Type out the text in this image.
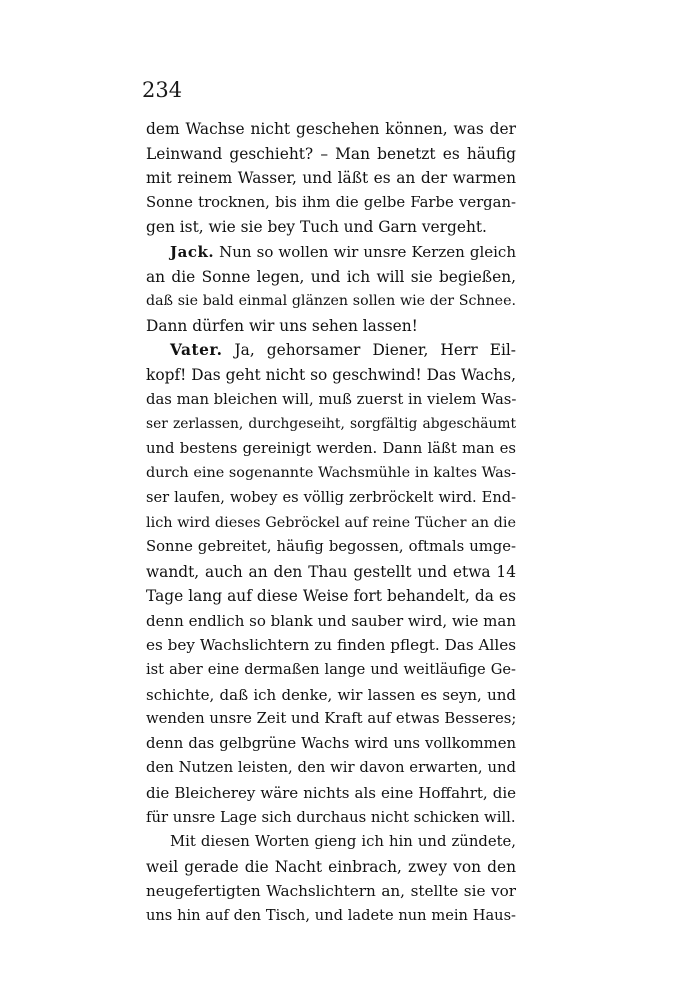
234
dem Wachse nicht geschehen können, was der
Leinwand geschieht? – Man benetzt es häufig
mit reinem Wasser, und läßt es an der warmen
Sonne trocknen, bis ihm die gelbe Farbe vergan-
gen ist, wie sie bey Tuch und Garn vergeht.
Jack. Nun so wollen wir unsre Kerzen gleich
an die Sonne legen, und ich will sie begießen,
daß sie bald einmal glänzen sollen wie der Schnee.
Dann dürfen wir uns sehen lassen!
Vater. Ja, gehorsamer Diener, Herr Eil-
kopf! Das geht nicht so geschwind! Das Wachs,
das man bleichen will, muß zuerst in vielem Was-
ser zerlassen, durchgeseiht, sorgfältig abgeschäumt
und bestens gereinigt werden. Dann läßt man es
durch eine sogenannte Wachsmühle in kaltes Was-
ser laufen, wobey es völlig zerbröckelt wird. End-
lich wird dieses Gebröckel auf reine Tücher an die
Sonne gebreitet, häufig begossen, oftmals umge-
wandt, auch an den Thau gestellt und etwa 14
Tage lang auf diese Weise fort behandelt, da es
denn endlich so blank und sauber wird, wie man
es bey Wachslichtern zu finden pflegt. Das Alles
ist aber eine dermaßen lange und weitläufige Ge-
schichte, daß ich denke, wir lassen es seyn, und
wenden unsre Zeit und Kraft auf etwas Besseres;
denn das gelbgrüne Wachs wird uns vollkommen
den Nutzen leisten, den wir davon erwarten, und
die Bleicherey wäre nichts als eine Hoffahrt, die
für unsre Lage sich durchaus nicht schicken will.
Mit diesen Worten gieng ich hin und zündete,
weil gerade die Nacht einbrach, zwey von den
neugefertigten Wachslichtern an, stellte sie vor
uns hin auf den Tisch, und ladete nun mein Haus-
